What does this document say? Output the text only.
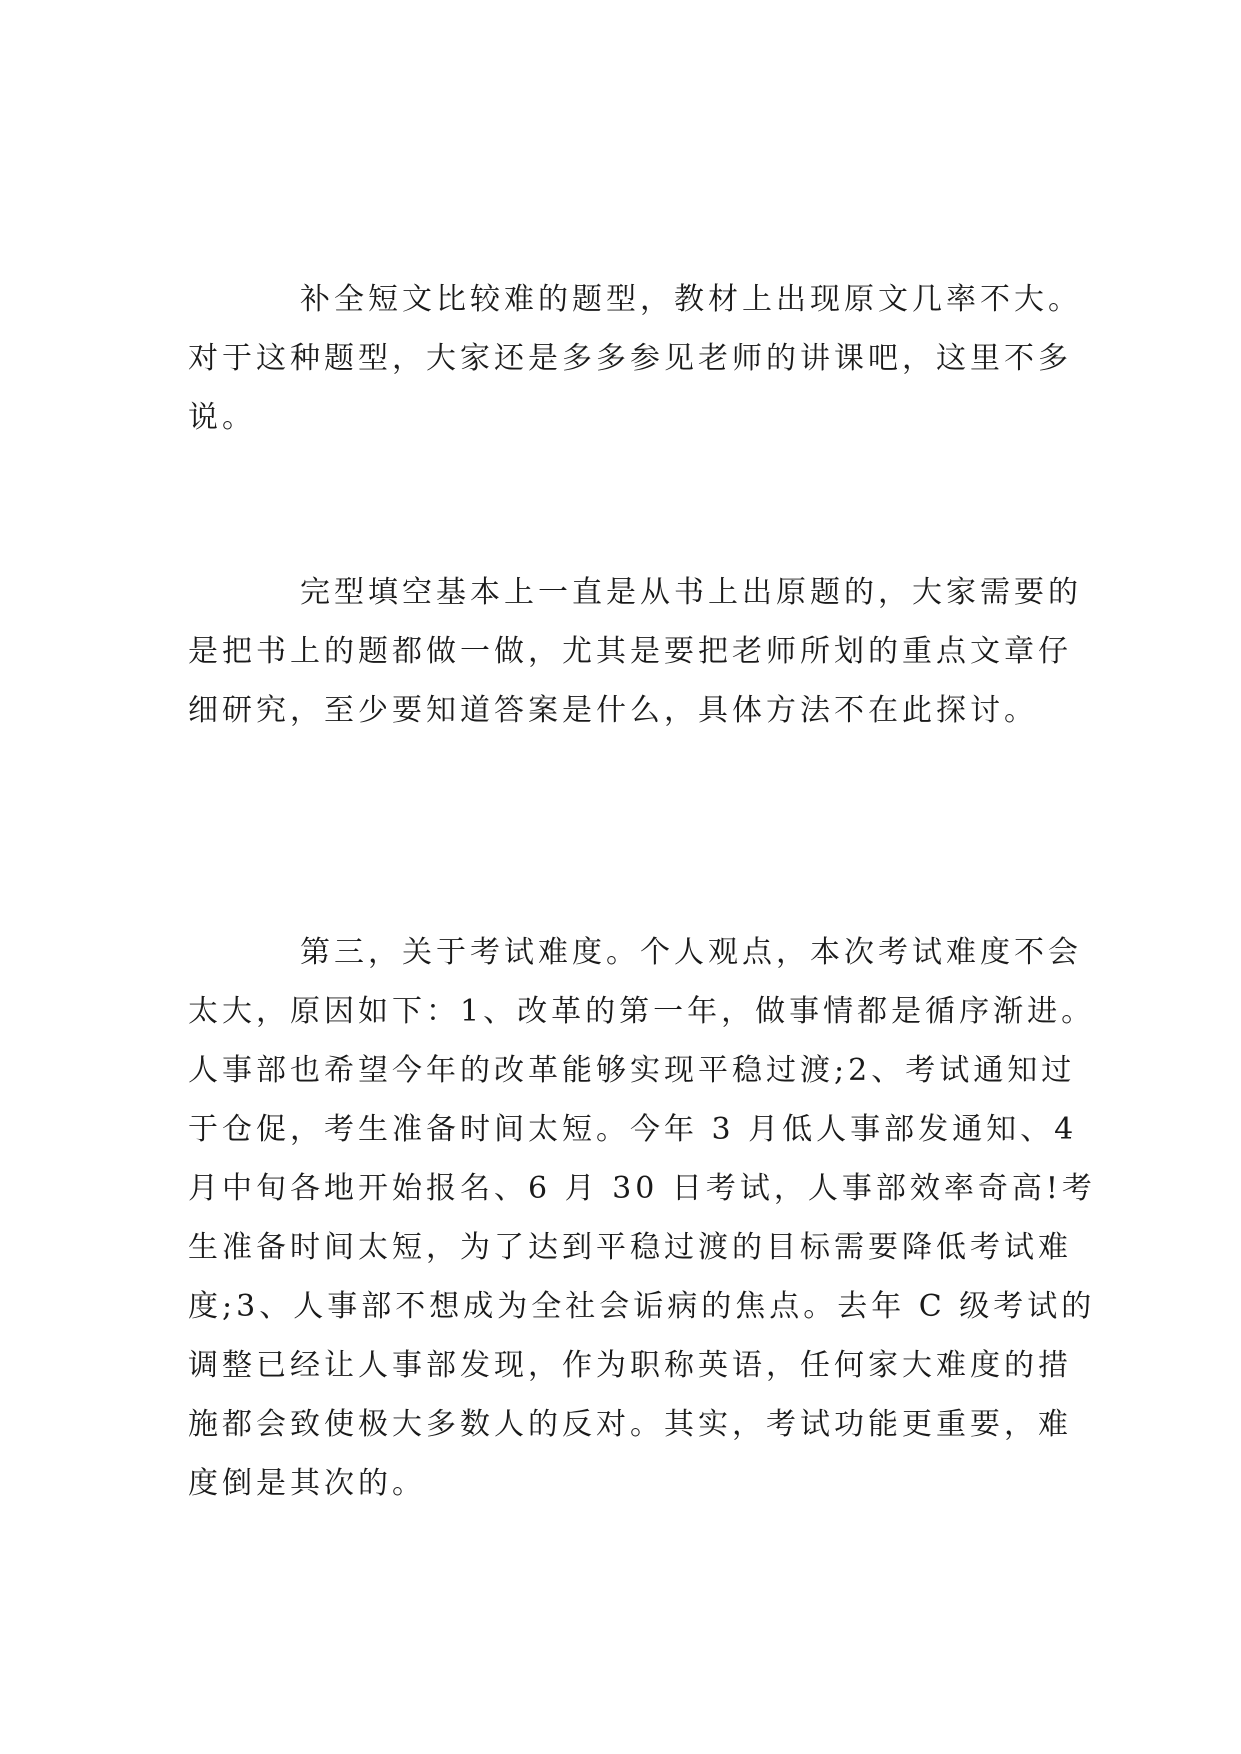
补全短文比较难的题型，教材上出现原文几率不大。
对于这种题型，大家还是多多参见老师的讲课吧，这里不多
说。

完型填空基本上一直是从书上出原题的，大家需要的
是把书上的题都做一做，尤其是要把老师所划的重点文章仔
细研究，至少要知道答案是什么，具体方法不在此探讨。

第三，关于考试难度。个人观点，本次考试难度不会
太大，原因如下：1、改革的第一年，做事情都是循序渐进。
人事部也希望今年的改革能够实现平稳过渡;2、考试通知过
于仓促，考生准备时间太短。今年 3 月低人事部发通知、4
月中旬各地开始报名、6 月 30 日考试，人事部效率奇高!考
生准备时间太短，为了达到平稳过渡的目标需要降低考试难
度;3、人事部不想成为全社会诟病的焦点。去年 C 级考试的
调整已经让人事部发现，作为职称英语，任何家大难度的措
施都会致使极大多数人的反对。其实，考试功能更重要，难
度倒是其次的。
